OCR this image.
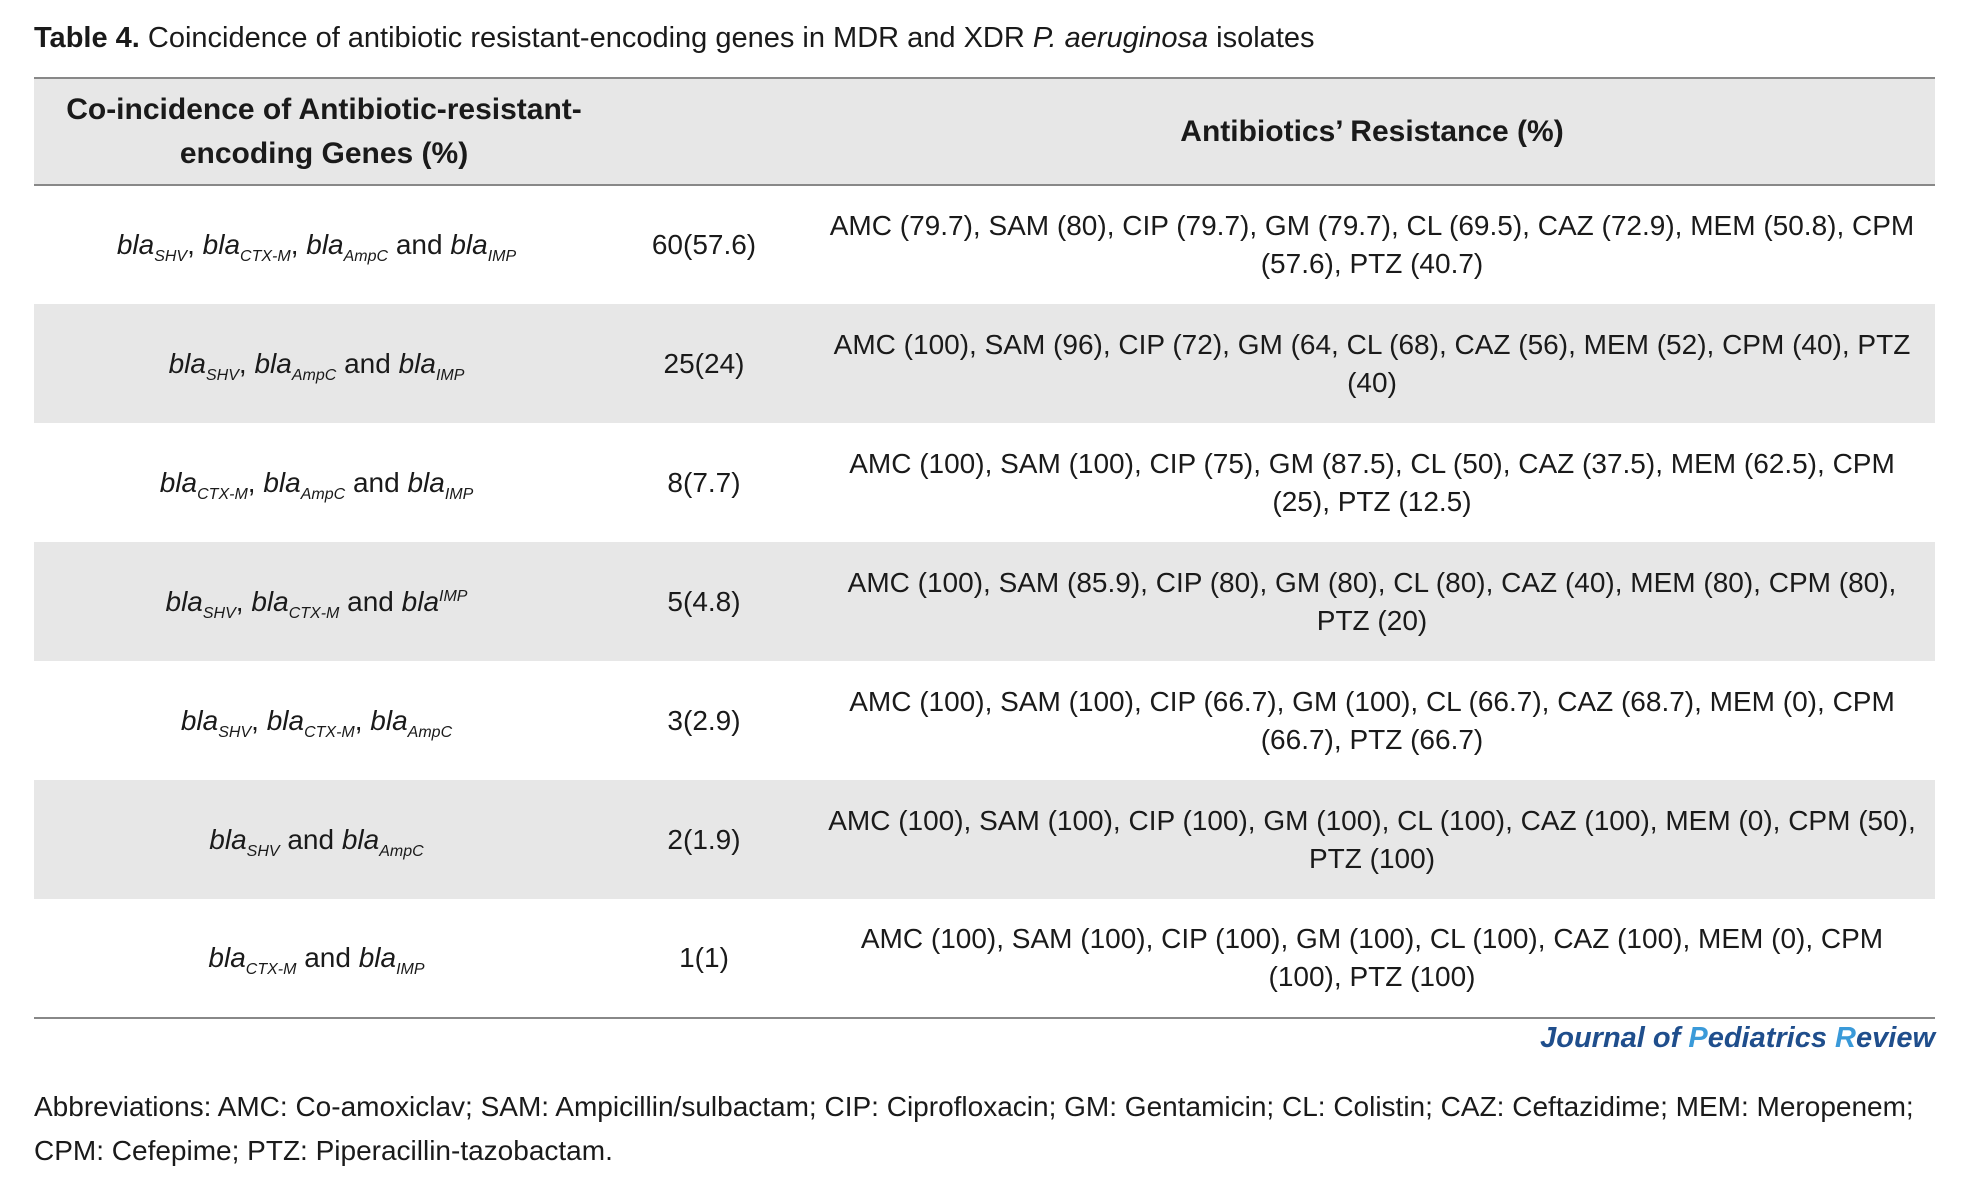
Table 4. Coincidence of antibiotic resistant-encoding genes in MDR and XDR P. aeruginosa isolates
Co-incidence of Antibiotic-resistant-encoding Genes (%)		Antibiotics’ Resistance (%)
bla$_{SHV}$, bla$_{CTX-M}$, bla$_{AmpC}$ and bla$_{IMP}$	60(57.6)	AMC (79.7), SAM (80), CIP (79.7), GM (79.7), CL (69.5), CAZ (72.9), MEM (50.8), CPM (57.6), PTZ (40.7)
bla$_{SHV}$, bla$_{AmpC}$ and bla$_{IMP}$	25(24)	AMC (100), SAM (96), CIP (72), GM (64, CL (68), CAZ (56), MEM (52), CPM (40), PTZ (40)
bla$_{CTX-M}$, bla$_{AmpC}$ and bla$_{IMP}$	8(7.7)	AMC (100), SAM (100), CIP (75), GM (87.5), CL (50), CAZ (37.5), MEM (62.5), CPM (25), PTZ (12.5)
bla$_{SHV}$, bla$_{CTX-M}$ and bla$^{IMP}$	5(4.8)	AMC (100), SAM (85.9), CIP (80), GM (80), CL (80), CAZ (40), MEM (80), CPM (80), PTZ (20)
bla$_{SHV}$, bla$_{CTX-M}$, bla$_{AmpC}$	3(2.9)	AMC (100), SAM (100), CIP (66.7), GM (100), CL (66.7), CAZ (68.7), MEM (0), CPM (66.7), PTZ (66.7)
bla$_{SHV}$ and bla$_{AmpC}$	2(1.9)	AMC (100), SAM (100), CIP (100), GM (100), CL (100), CAZ (100), MEM (0), CPM (50), PTZ (100)
bla$_{CTX-M}$ and bla$_{IMP}$	1(1)	AMC (100), SAM (100), CIP (100), GM (100), CL (100), CAZ (100), MEM (0), CPM (100), PTZ (100)
Journal of Pediatrics Review
Abbreviations: AMC: Co-amoxiclav; SAM: Ampicillin/sulbactam; CIP: Ciprofloxacin; GM: Gentamicin; CL: Colistin; CAZ: Ceftazidime; MEM: Meropenem; CPM: Cefepime; PTZ: Piperacillin-tazobactam.
